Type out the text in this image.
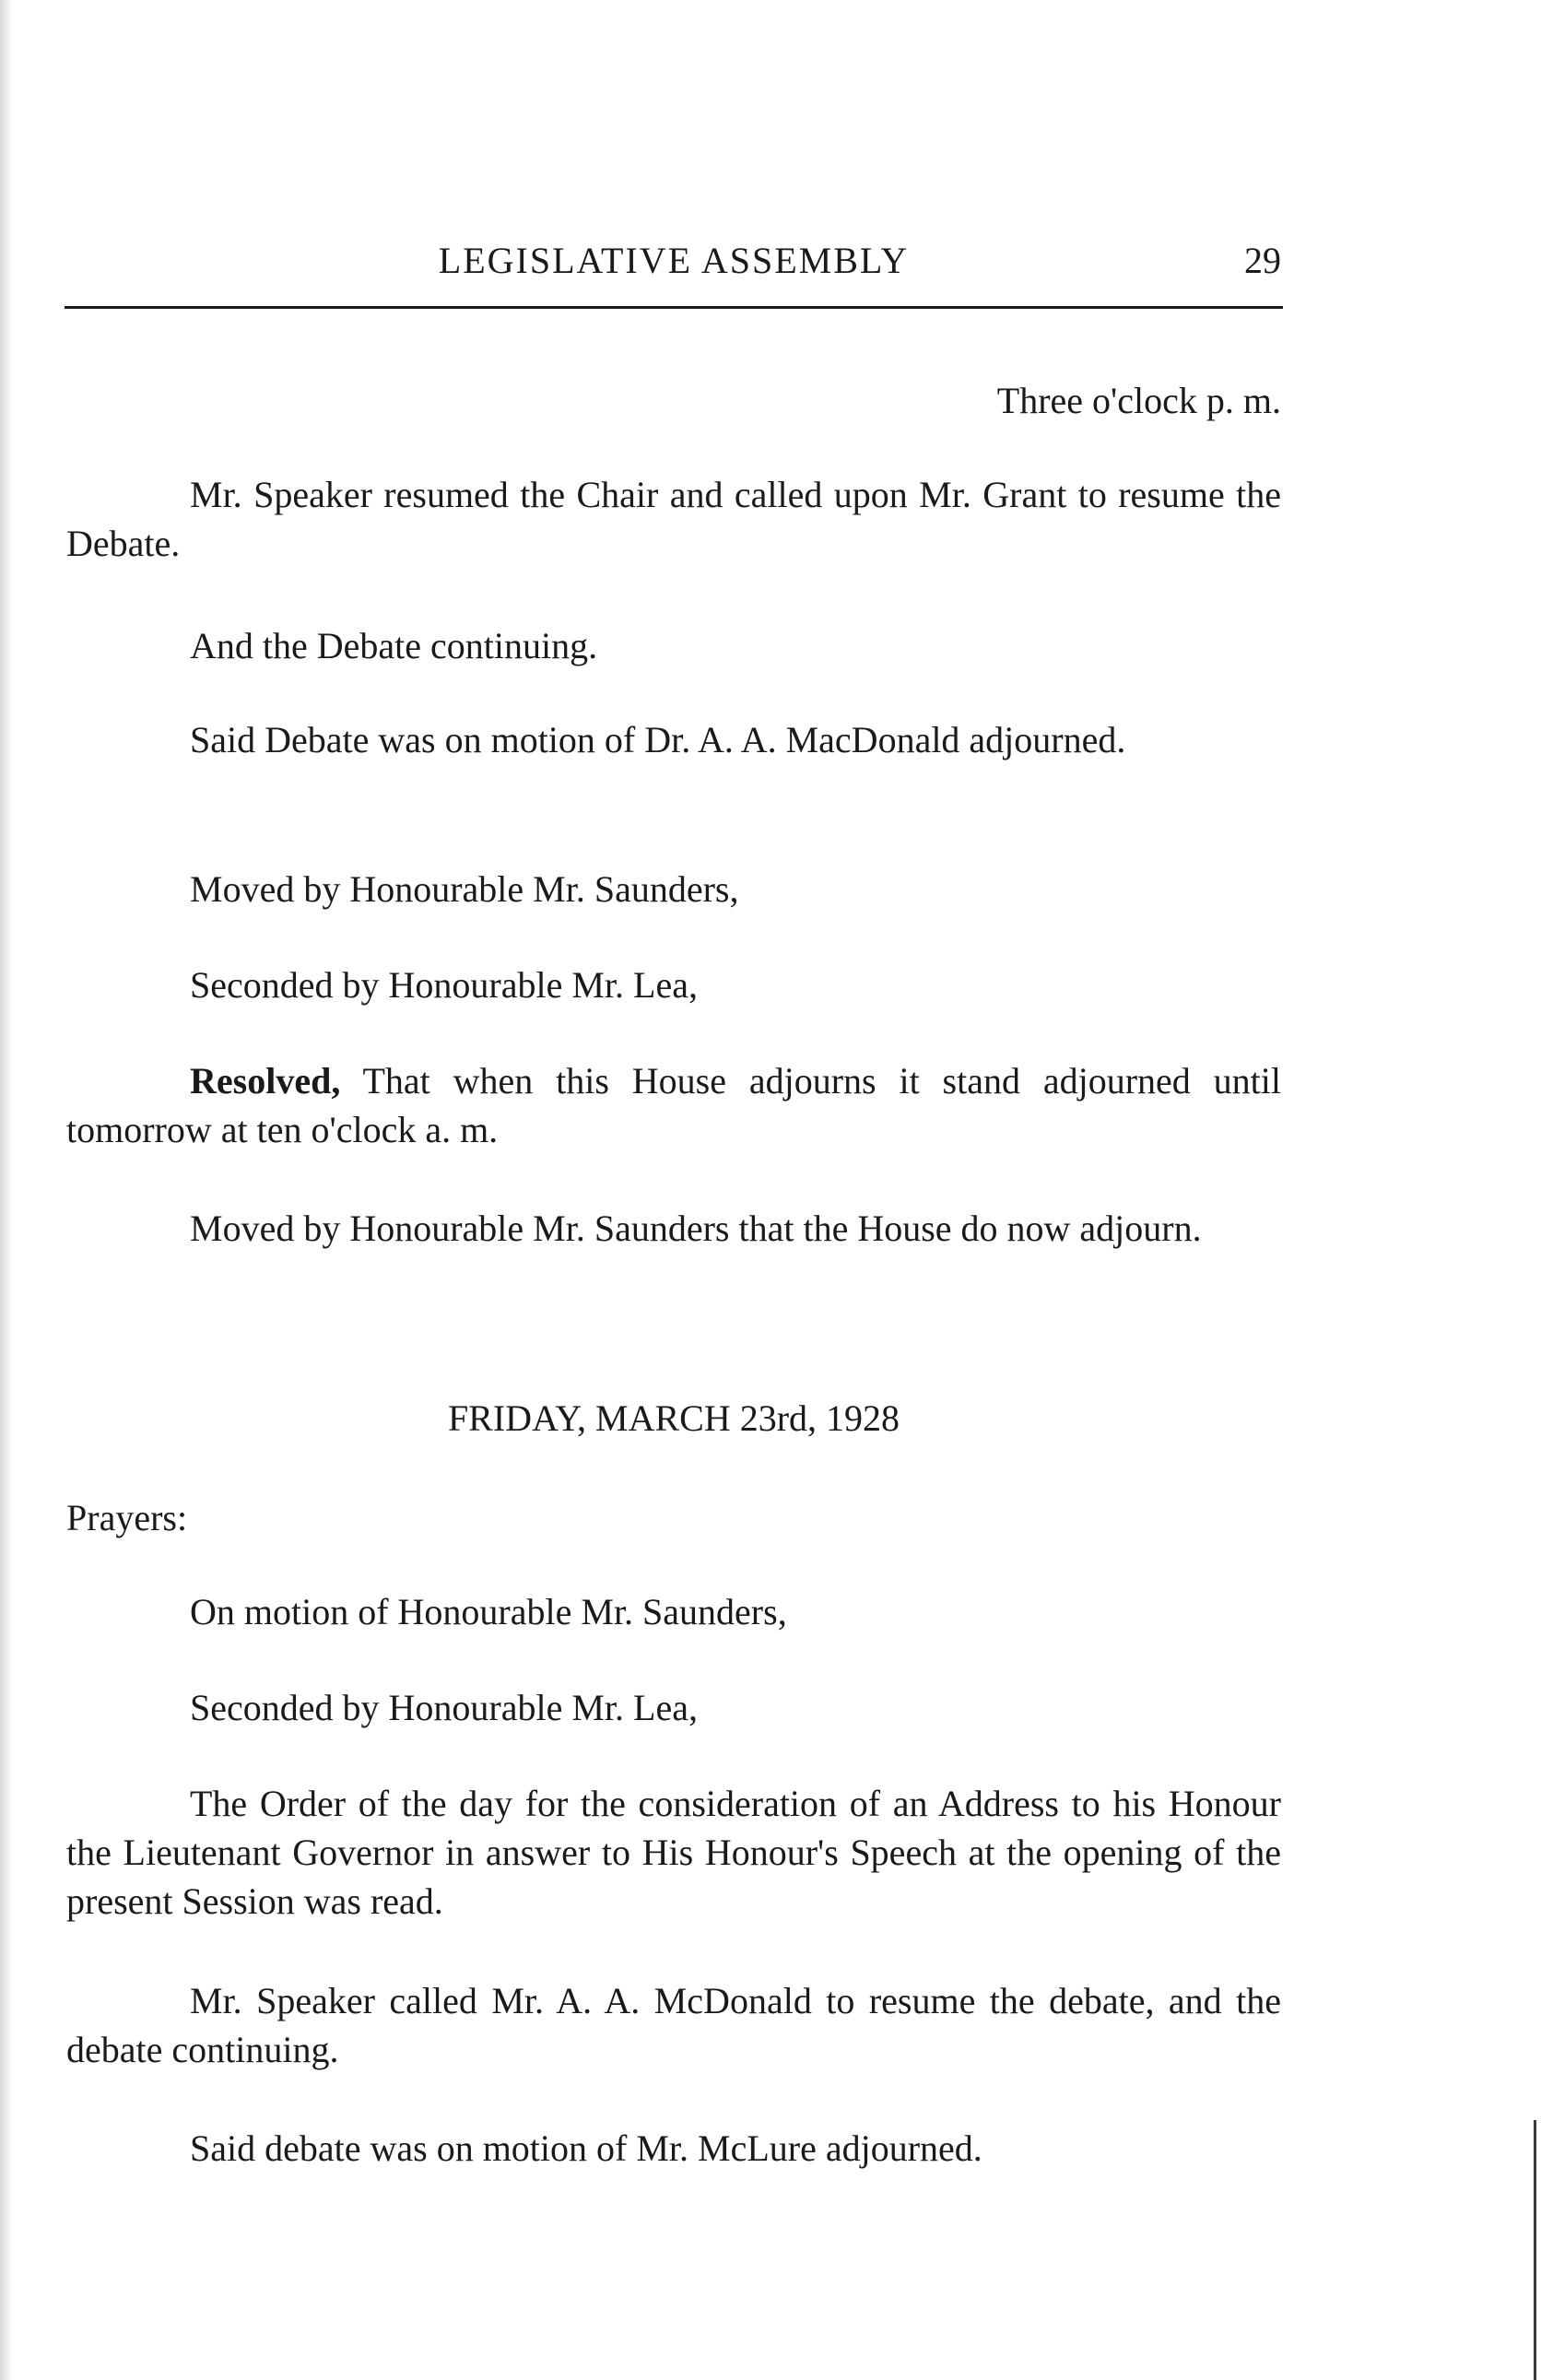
LEGISLATIVE ASSEMBLY	29
Three o'clock p. m.
Mr. Speaker resumed the Chair and called upon Mr. Grant to resume the Debate.
And the Debate continuing.
Said Debate was on motion of Dr. A. A. MacDonald adjourned.
Moved by Honourable Mr. Saunders,
Seconded by Honourable Mr. Lea,
Resolved, That when this House adjourns it stand adjourned until tomorrow at ten o'clock a. m.
Moved by Honourable Mr. Saunders that the House do now adjourn.
FRIDAY, MARCH 23rd, 1928
Prayers:
On motion of Honourable Mr. Saunders,
Seconded by Honourable Mr. Lea,
The Order of the day for the consideration of an Address to his Honour the Lieutenant Governor in answer to His Honour's Speech at the opening of the present Session was read.
Mr. Speaker called Mr. A. A. McDonald to resume the debate, and the debate continuing.
Said debate was on motion of Mr. McLure adjourned.
